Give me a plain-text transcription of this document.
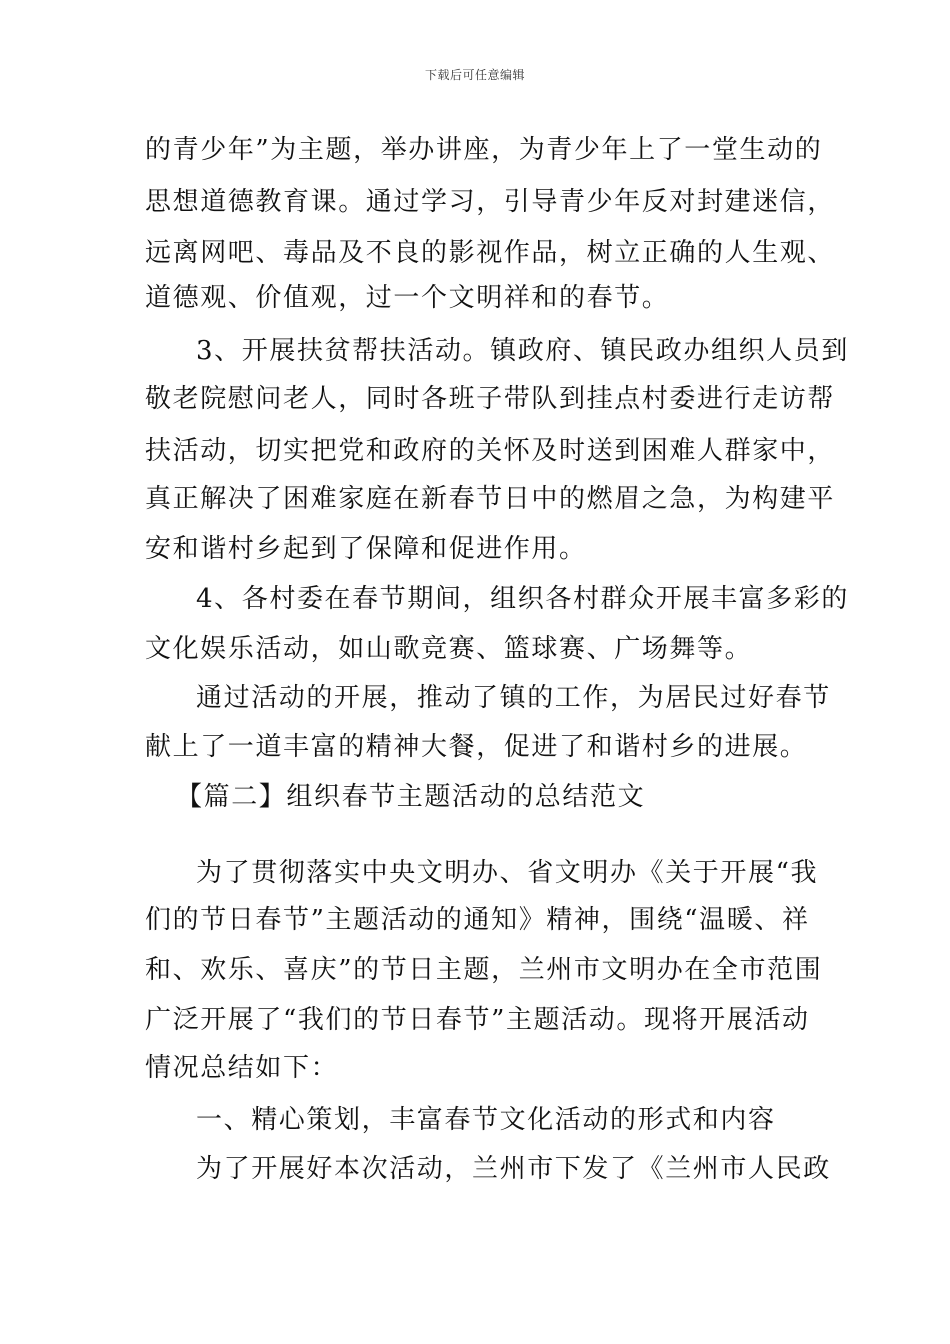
下载后可任意编辑
的青少年”为主题，举办讲座，为青少年上了一堂生动的
思想道德教育课。通过学习，引导青少年反对封建迷信，
远离网吧、毒品及不良的影视作品，树立正确的人生观、
道德观、价值观，过一个文明祥和的春节。
3、开展扶贫帮扶活动。镇政府、镇民政办组织人员到
敬老院慰问老人，同时各班子带队到挂点村委进行走访帮
扶活动，切实把党和政府的关怀及时送到困难人群家中，
真正解决了困难家庭在新春节日中的燃眉之急，为构建平
安和谐村乡起到了保障和促进作用。
4、各村委在春节期间，组织各村群众开展丰富多彩的
文化娱乐活动，如山歌竞赛、篮球赛、广场舞等。
通过活动的开展，推动了镇的工作，为居民过好春节
献上了一道丰富的精神大餐，促进了和谐村乡的进展。
【篇二】组织春节主题活动的总结范文
为了贯彻落实中央文明办、省文明办《关于开展“我
们的节日春节”主题活动的通知》精神，围绕“温暖、祥
和、欢乐、喜庆”的节日主题，兰州市文明办在全市范围
广泛开展了“我们的节日春节”主题活动。现将开展活动
情况总结如下：
一、精心策划，丰富春节文化活动的形式和内容
为了开展好本次活动，兰州市下发了《兰州市人民政
